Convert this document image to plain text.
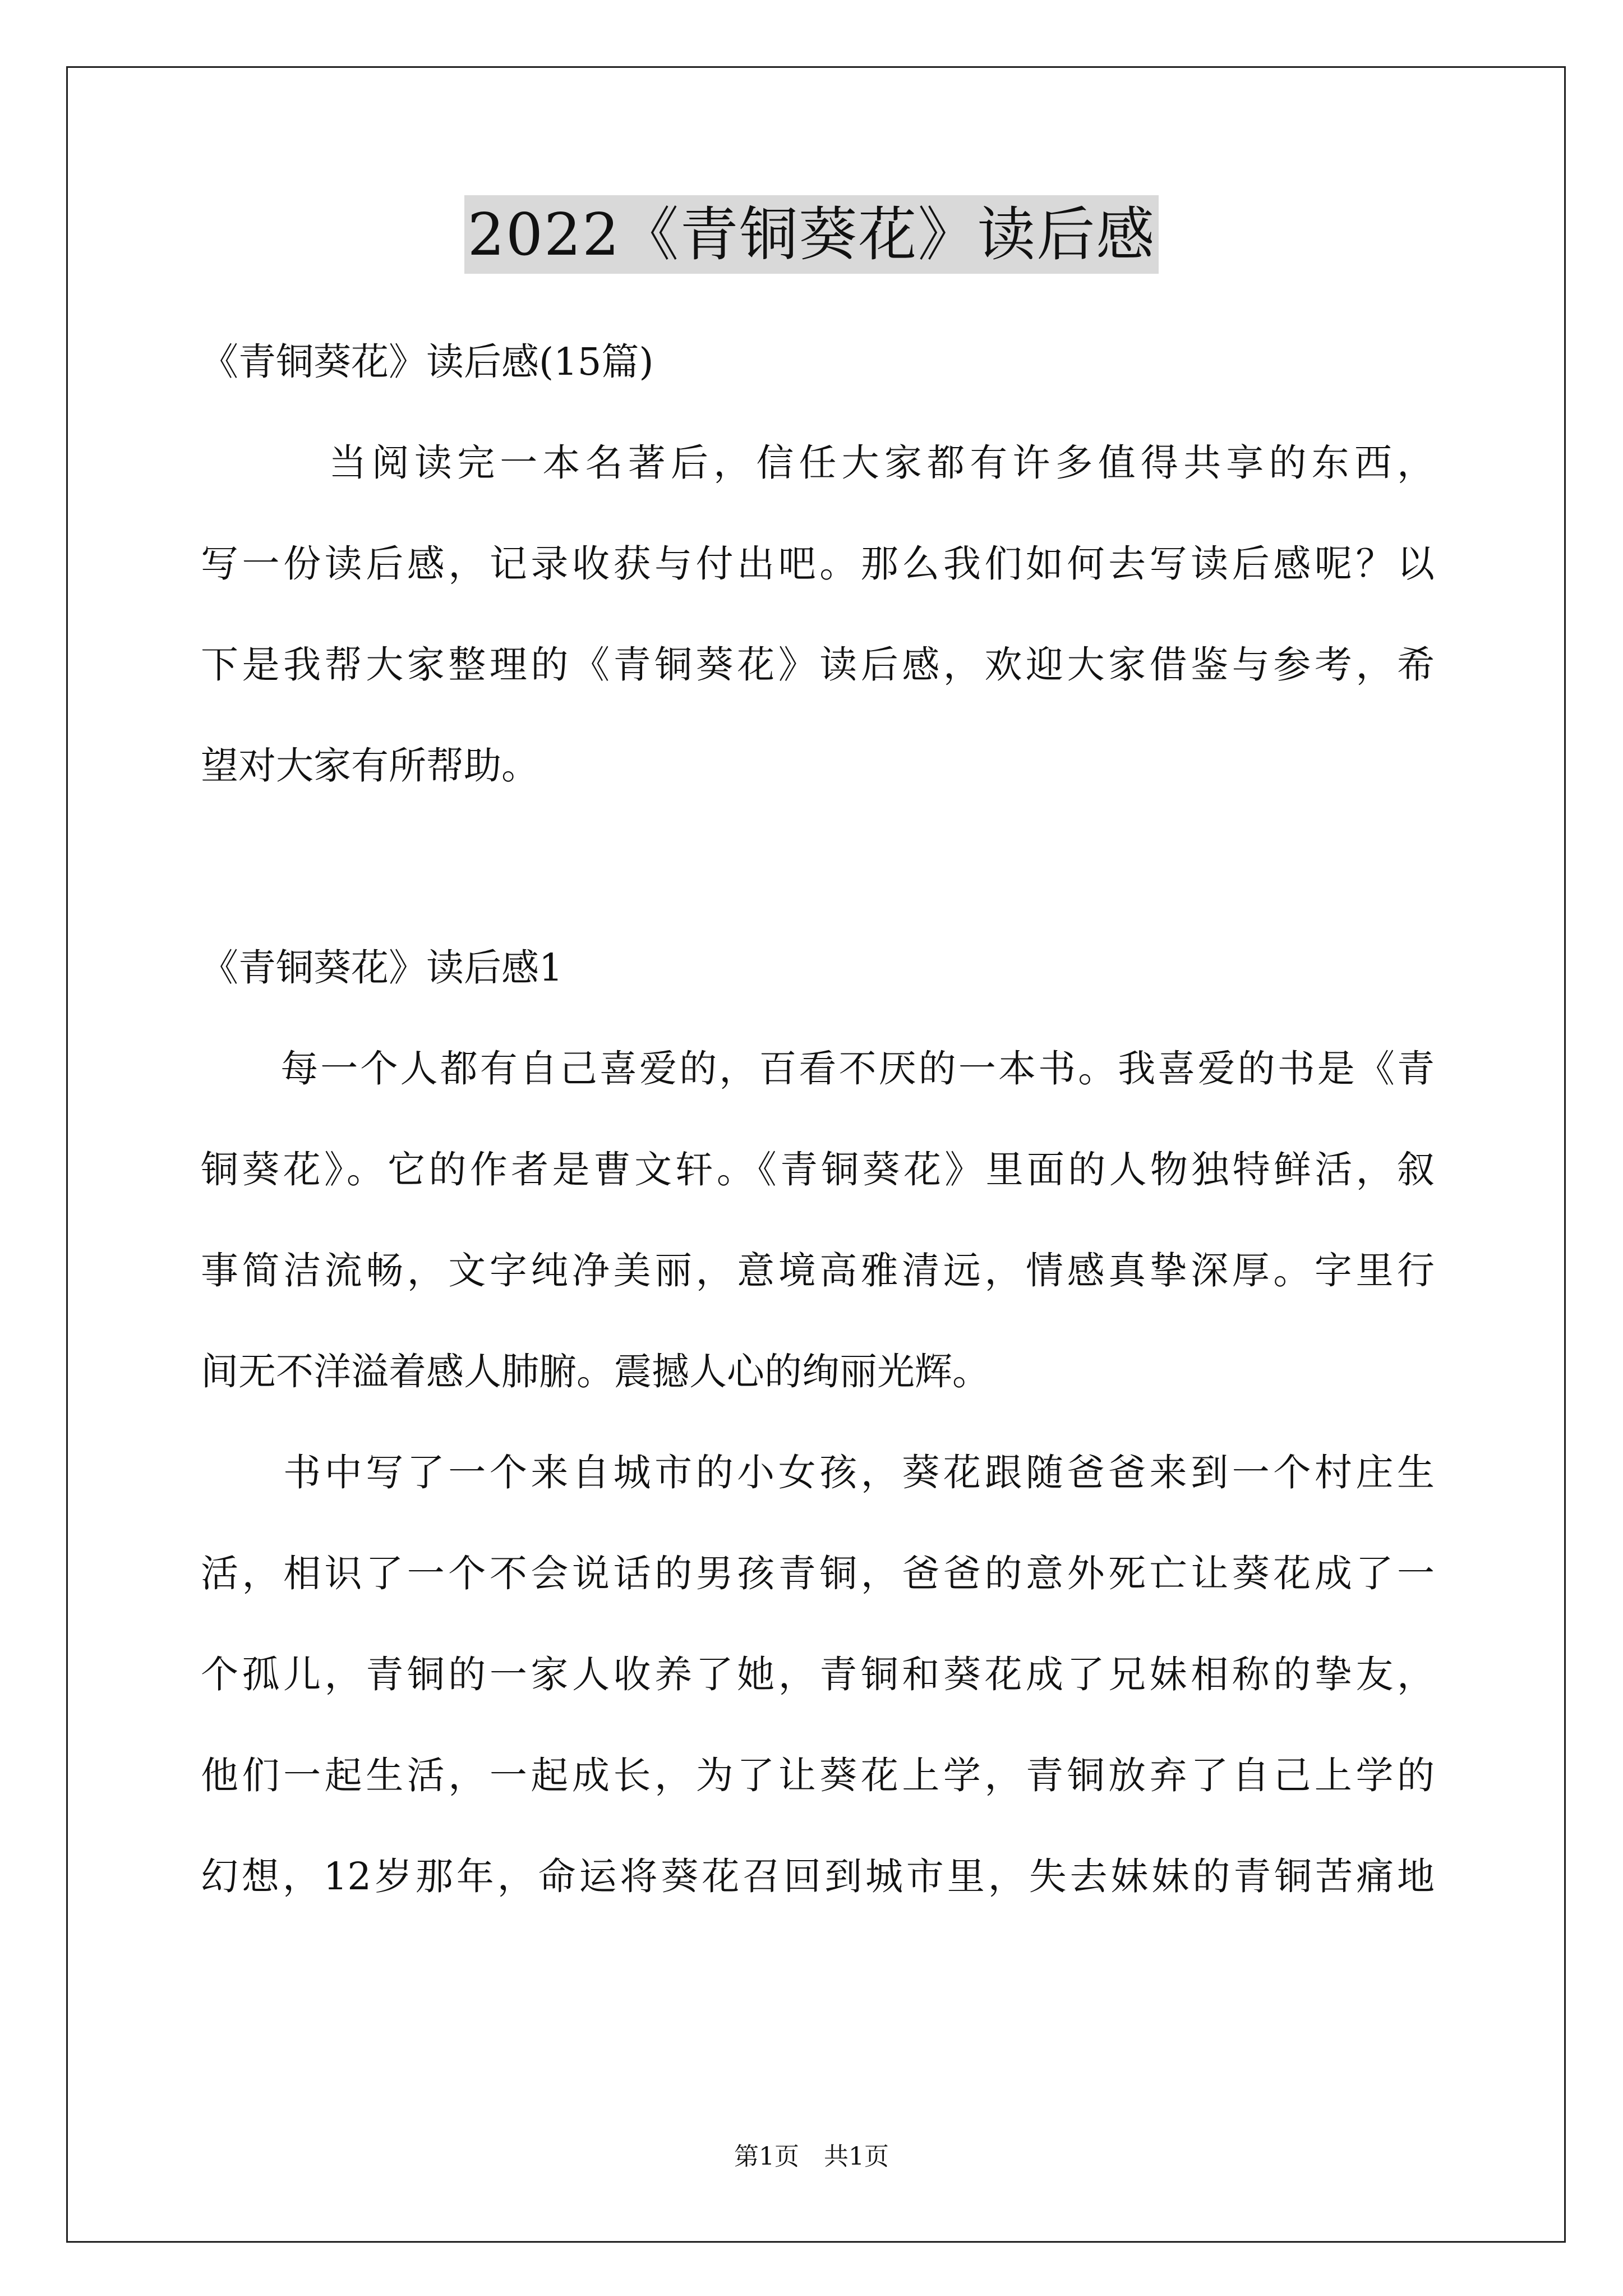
2022《青铜葵花》读后感
《青铜葵花》读后感(15篇)
　　　当阅读完一本名著后，信任大家都有许多值得共享的东西，
写一份读后感，记录收获与付出吧。那么我们如何去写读后感呢？以
下是我帮大家整理的《青铜葵花》读后感，欢迎大家借鉴与参考，希
望对大家有所帮助。
《青铜葵花》读后感1
　　每一个人都有自己喜爱的，百看不厌的一本书。我喜爱的书是《青
铜葵花》。它的作者是曹文轩。《青铜葵花》里面的人物独特鲜活，叙
事简洁流畅，文字纯净美丽，意境高雅清远，情感真挚深厚。字里行
间无不洋溢着感人肺腑。震撼人心的绚丽光辉。
　　书中写了一个来自城市的小女孩，葵花跟随爸爸来到一个村庄生
活，相识了一个不会说话的男孩青铜，爸爸的意外死亡让葵花成了一
个孤儿，青铜的一家人收养了她，青铜和葵花成了兄妹相称的挚友，
他们一起生活，一起成长，为了让葵花上学，青铜放弃了自己上学的
幻想，12岁那年，命运将葵花召回到城市里，失去妹妹的青铜苦痛地
第1页　共1页
